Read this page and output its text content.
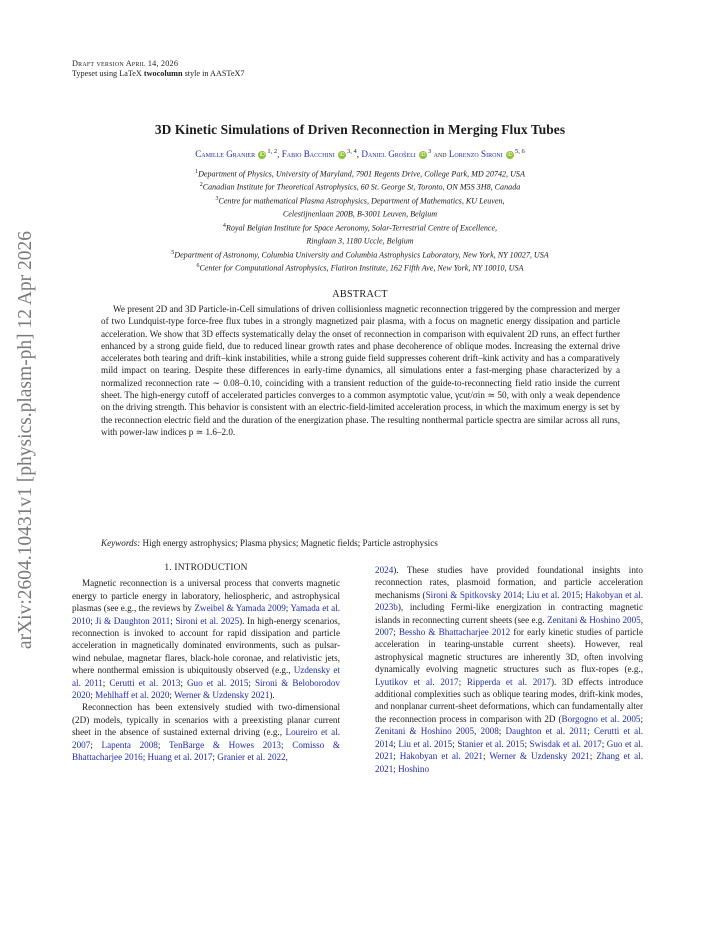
arXiv:2604.10431v1 [physics.plasm-ph] 12 Apr 2026
Draft version April 14, 2026
Typeset using LaTeX twocolumn style in AASTeX7
3D Kinetic Simulations of Driven Reconnection in Merging Flux Tubes
Camille Granier iD$^{1, 2}$, Fabio Bacchini iD$^{3, 4}$, Daniel Groŝeli $iD^3$ and Lorenzo Sironi iD$^{5, 6}$
$^1$Department of Physics, University of Maryland, 7901 Regents Drive, College Park, MD 20742, USA
$^2$Canadian Institute for Theoretical Astrophysics, 60 St. George St, Toronto, ON M5S 3H8, Canada
$^3$Centre for mathematical Plasma Astrophysics, Department of Mathematics, KU Leuven,
Celestijnenlaan 200B, B-3001 Leuven, Belgium
$^4$Royal Belgian Institute for Space Aeronomy, Solar-Terrestrial Centre of Excellence,
Ringlaan 3, 1180 Uccle, Belgium
$^5$Department of Astronomy, Columbia University and Columbia Astrophysics Laboratory, New York, NY 10027, USA
$^6$Center for Computational Astrophysics, Flatiron Institute, 162 Fifth Ave, New York, NY 10010, USA
ABSTRACT
We present 2D and 3D Particle-in-Cell simulations of driven collisionless magnetic reconnection triggered by the compression and merger of two Lundquist-type force-free flux tubes in a strongly magnetized pair plasma, with a focus on magnetic energy dissipation and particle acceleration. We show that 3D effects systematically delay the onset of reconnection in comparison with equivalent 2D runs, an effect further enhanced by a strong guide field, due to reduced linear growth rates and phase decoherence of oblique modes. Increasing the external drive accelerates both tearing and drift–kink instabilities, while a strong guide field suppresses coherent drift–kink activity and has a comparatively mild impact on tearing. Despite these differences in early-time dynamics, all simulations enter a fast-merging phase characterized by a normalized reconnection rate ∼ 0.08–0.10, coinciding with a transient reduction of the guide-to-reconnecting field ratio inside the current sheet. The high-energy cutoff of accelerated particles converges to a common asymptotic value, γcut/σin ≃ 50, with only a weak dependence on the driving strength. This behavior is consistent with an electric-field-limited acceleration process, in which the maximum energy is set by the reconnection electric field and the duration of the energization phase. The resulting nonthermal particle spectra are similar across all runs, with power-law indices p ≃ 1.6–2.0.
Keywords: High energy astrophysics; Plasma physics; Magnetic fields; Particle astrophysics
1. INTRODUCTION

Magnetic reconnection is a universal process that converts magnetic energy to particle energy in laboratory, heliospheric, and astrophysical plasmas (see e.g., the reviews by Zweibel & Yamada 2009; Yamada et al. 2010; Ji & Daughton 2011; Sironi et al. 2025). In high-energy scenarios, reconnection is invoked to account for rapid dissipation and particle acceleration in magnetically dominated environments, such as pulsar-wind nebulae, magnetar flares, black-hole coronae, and relativistic jets, where nonthermal emission is ubiquitously observed (e.g., Uzdensky et al. 2011; Cerutti et al. 2013; Guo et al. 2015; Sironi & Beloborodov 2020; Mehlhaff et al. 2020; Werner & Uzdensky 2021).

Reconnection has been extensively studied with two-dimensional (2D) models, typically in scenarios with a preexisting planar current sheet in the absence of sustained external driving (e.g., Loureiro et al. 2007; Lapenta 2008; TenBarge & Howes 2013; Comisso & Bhattacharjee 2016; Huang et al. 2017; Granier et al. 2022,

2024). These studies have provided foundational insights into reconnection rates, plasmoid formation, and particle acceleration mechanisms (Sironi & Spitkovsky 2014; Liu et al. 2015; Hakobyan et al. 2023b), including Fermi-like energization in contracting magnetic islands in reconnecting current sheets (see e.g. Zenitani & Hoshino 2005, 2007; Bessho & Bhattacharjee 2012 for early kinetic studies of particle acceleration in tearing-unstable current sheets). However, real astrophysical magnetic structures are inherently 3D, often involving dynamically evolving magnetic structures such as flux-ropes (e.g., Lyutikov et al. 2017; Ripperda et al. 2017). 3D effects introduce additional complexities such as oblique tearing modes, drift-kink modes, and nonplanar current-sheet deformations, which can fundamentally alter the reconnection process in comparison with 2D (Borgogno et al. 2005; Zenitani & Hoshino 2005, 2008; Daughton et al. 2011; Cerutti et al. 2014; Liu et al. 2015; Stanier et al. 2015; Swisdak et al. 2017; Guo et al. 2021; Hakobyan et al. 2021; Werner & Uzdensky 2021; Zhang et al. 2021; Hoshino
